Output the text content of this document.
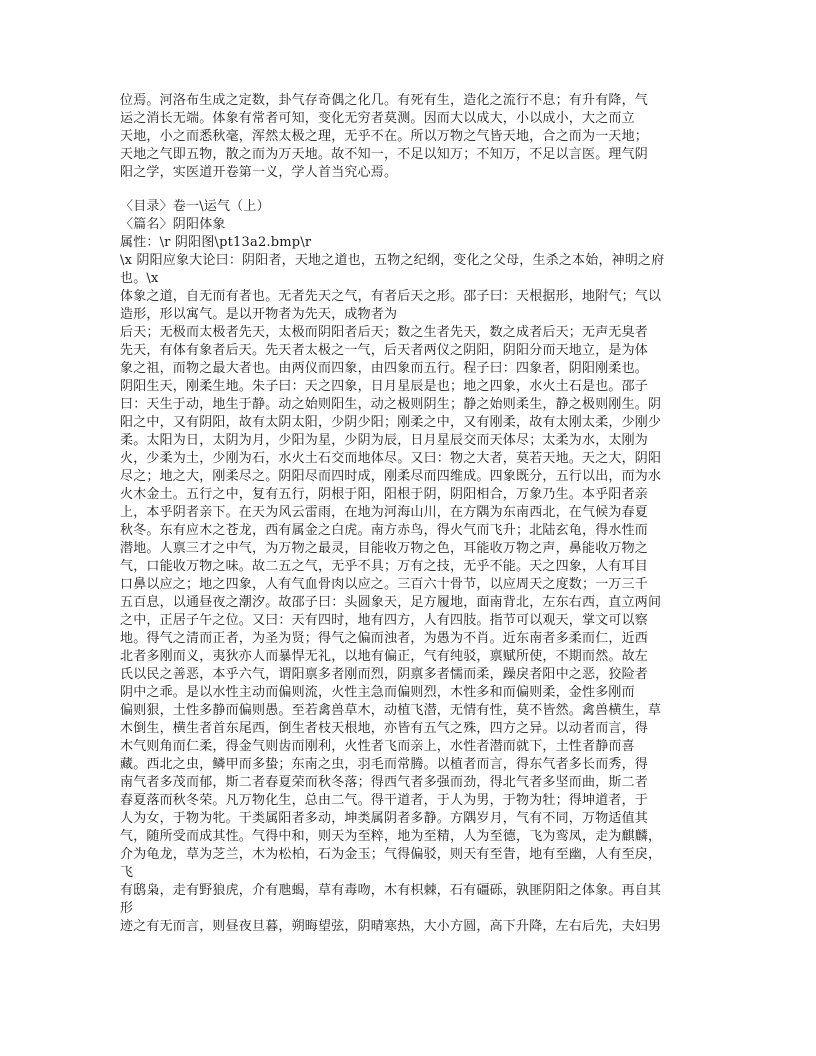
位焉。河洛布生成之定数，卦气存奇偶之化几。有死有生，造化之流行不息；有升有降，气
运之消长无端。体象有常者可知，变化无穷者莫测。因而大以成大，小以成小，大之而立
天地，小之而悉秋毫，浑然太极之理，无乎不在。所以万物之气皆天地，合之而为一天地；
天地之气即五物，散之而为万天地。故不知一，不足以知万；不知万，不足以言医。理气阴
阳之学，实医道开卷第一义，学人首当究心焉。
〈目录〉卷一\运气（上）
〈篇名〉阴阳体象
属性：\r 阴阳图\pt13a2.bmp\r
\x 阴阳应象大论曰：阴阳者，天地之道也，五物之纪纲，变化之父母，生杀之本始，神明之府
也。\x
体象之道，自无而有者也。无者先天之气，有者后天之形。邵子曰：天根据形，地附气；气以
造形，形以寓气。是以开物者为先天，成物者为
后天；无极而太极者先天，太极而阴阳者后天；数之生者先天，数之成者后天；无声无臭者
先天，有体有象者后天。先天者太极之一气，后天者两仪之阴阳，阴阳分而天地立，是为体
象之祖，而物之最大者也。由两仪而四象，由四象而五行。程子曰：四象者，阴阳刚柔也。
阴阳生天，刚柔生地。朱子曰：天之四象，日月星辰是也；地之四象，水火土石是也。邵子
曰：天生于动，地生于静。动之始则阳生，动之极则阴生；静之始则柔生，静之极则刚生。阴
阳之中，又有阴阳，故有太阴太阳，少阴少阳；刚柔之中，又有刚柔，故有太刚太柔，少刚少
柔。太阳为日，太阴为月，少阳为星，少阴为辰，日月星辰交而天体尽；太柔为水，太刚为
火，少柔为土，少刚为石，水火土石交而地体尽。又曰：物之大者，莫若天地。天之大，阴阳
尽之；地之大，刚柔尽之。阴阳尽而四时成，刚柔尽而四维成。四象既分，五行以出，而为水
火木金土。五行之中，复有五行，阴根于阳，阳根于阴，阴阳相合，万象乃生。本乎阳者亲
上，本乎阴者亲下。在天为风云雷雨，在地为河海山川，在方隅为东南西北，在气候为春夏
秋冬。东有应木之苍龙，西有属金之白虎。南方赤鸟，得火气而飞升；北陆玄龟，得水性而
潜地。人禀三才之中气，为万物之最灵，目能收万物之色，耳能收万物之声，鼻能收万物之
气，口能收万物之味。故二五之气，无乎不具；万有之技，无乎不能。天之四象，人有耳目
口鼻以应之；地之四象，人有气血骨肉以应之。三百六十骨节，以应周天之度数；一万三千
五百息，以通昼夜之潮汐。故邵子曰：头圆象天，足方履地，面南背北，左东右西，直立两间
之中，正居子午之位。又曰：天有四时，地有四方，人有四肢。指节可以观天，掌文可以察
地。得气之清而正者，为圣为贤；得气之偏而浊者，为愚为不肖。近东南者多柔而仁，近西
北者多刚而义，夷狄亦人而暴悍无礼，以地有偏正，气有纯驳，禀赋所使，不期而然。故左
氏以民之善恶，本乎六气，谓阳禀多者刚而烈，阴禀多者懦而柔，躁戾者阳中之恶，狡险者
阴中之乖。是以水性主动而偏则流，火性主急而偏则烈，木性多和而偏则柔，金性多刚而
偏则狠，土性多静而偏则愚。至若禽兽草木，动植飞潜，无情有性，莫不皆然。禽兽横生，草
木倒生，横生者首东尾西，倒生者枝天根地，亦皆有五气之殊，四方之异。以动者而言，得
木气则角而仁柔，得金气则齿而刚利，火性者飞而亲上，水性者潜而就下，土性者静而喜
藏。西北之虫，鳞甲而多蛰；东南之虫，羽毛而常腾。以植者而言，得东气者多长而秀，得
南气者多茂而郁，斯二者春夏荣而秋冬落；得西气者多强而劲，得北气者多坚而曲，斯二者
春夏落而秋冬荣。凡万物化生，总由二气。得干道者，于人为男，于物为牡；得坤道者，于
人为女，于物为牝。干类属阳者多动，坤类属阴者多静。方隅岁月，气有不同，万物适值其
气，随所受而成其性。气得中和，则天为至粹，地为至精，人为至德，飞为鸾凤，走为麒麟，
介为龟龙，草为芝兰，木为松柏，石为金玉；气得偏驳，则天有至眚，地有至幽，人有至戾，
飞
有鸱枭，走有野狼虎，介有虺蝎，草有毒吻，木有枳棘，石有礓砾，孰匪阴阳之体象。再自其
形
迹之有无而言，则昼夜旦暮，朔晦望弦，阴晴寒热，大小方圆，高下升降，左右后先，夫妇男
